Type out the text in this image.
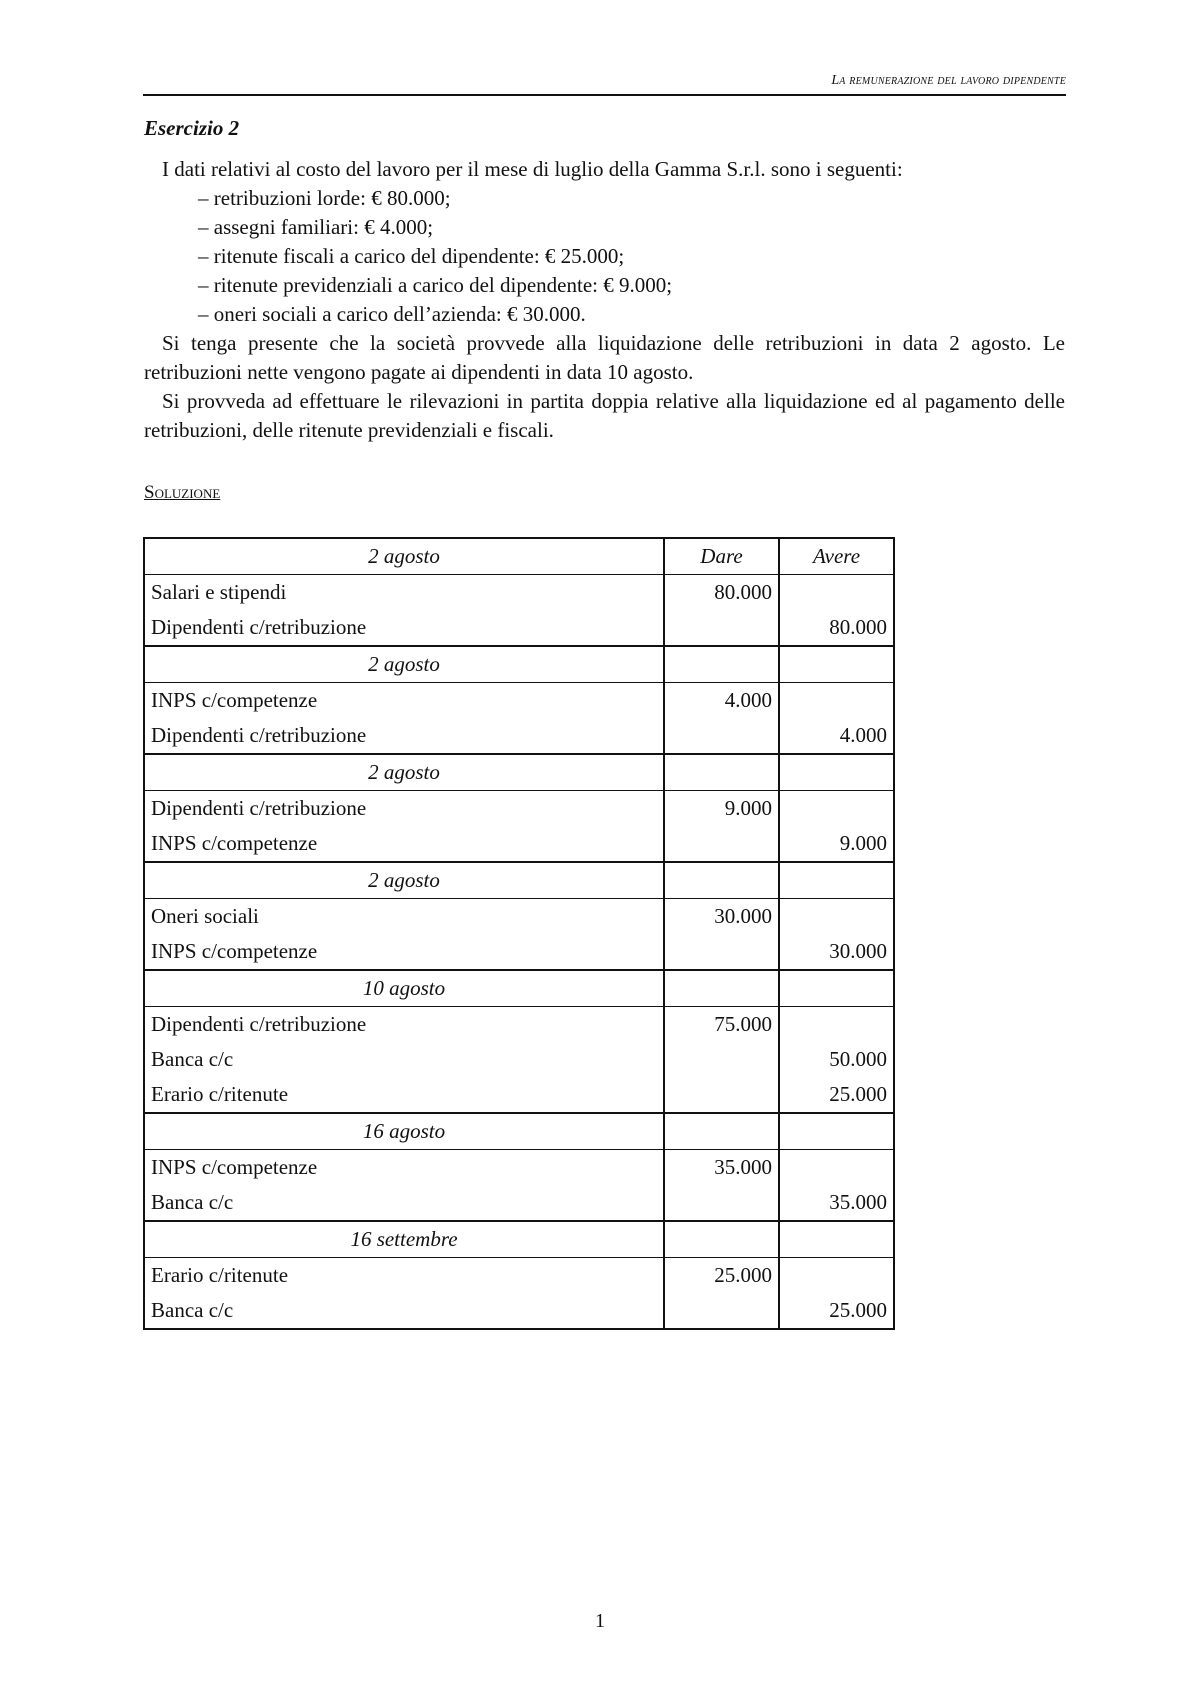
La remunerazione del lavoro dipendente
Esercizio 2

I dati relativi al costo del lavoro per il mese di luglio della Gamma S.r.l. sono i seguenti:

– retribuzioni lorde: € 80.000;

– assegni familiari: € 4.000;

– ritenute fiscali a carico del dipendente: € 25.000;

– ritenute previdenziali a carico del dipendente: € 9.000;

– oneri sociali a carico dell’azienda: € 30.000.

Si tenga presente che la società provvede alla liquidazione delle retribuzioni in data 2 agosto. Le retribuzioni nette vengono pagate ai dipendenti in data 10 agosto.

Si provveda ad effettuare le rilevazioni in partita doppia relative alla liquidazione ed al pagamento delle retribuzioni, delle ritenute previdenziali e fiscali.

Soluzione
2 agosto	Dare	Avere
Salari e stipendi	80.000	
Dipendenti c/retribuzione		80.000
2 agosto		
INPS c/competenze	4.000	
Dipendenti c/retribuzione		4.000
2 agosto		
Dipendenti c/retribuzione	9.000	
INPS c/competenze		9.000
2 agosto		
Oneri sociali	30.000	
INPS c/competenze		30.000
10 agosto		
Dipendenti c/retribuzione	75.000	
Banca c/c		50.000
Erario c/ritenute		25.000
16 agosto		
INPS c/competenze	35.000	
Banca c/c		35.000
16 settembre		
Erario c/ritenute	25.000	
Banca c/c		25.000
1
